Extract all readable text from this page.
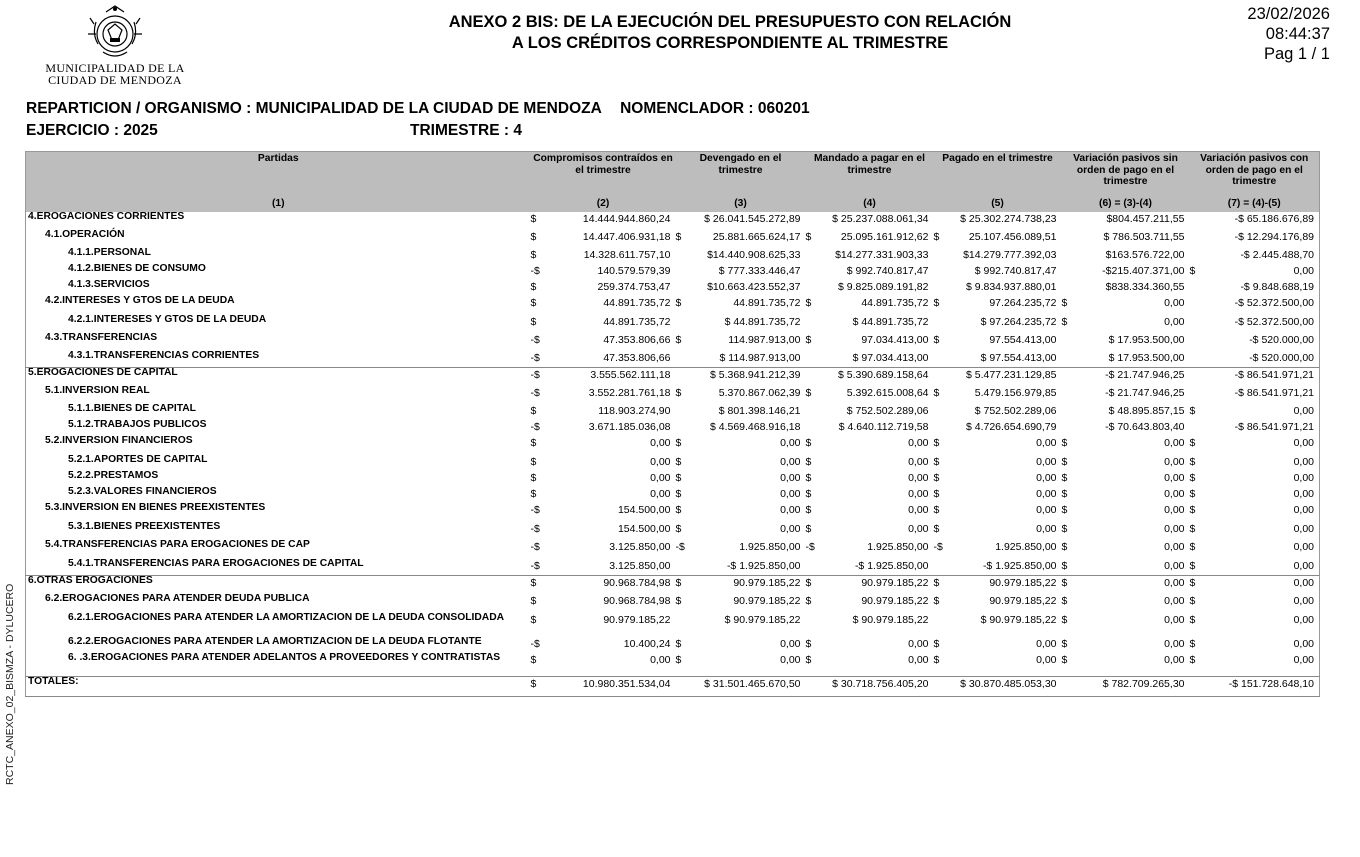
MUNICIPALIDAD DE LA CIUDAD DE MENDOZA
ANEXO 2 BIS: DE LA EJECUCIÓN DEL PRESUPUESTO CON RELACIÓN
A LOS CRÉDITOS CORRESPONDIENTE AL TRIMESTRE
23/02/2026
08:44:37
Pag 1 / 1
REPARTICION / ORGANISMO : MUNICIPALIDAD DE LA CIUDAD DE MENDOZA NOMENCLADOR : 060201
EJERCICIO : 2025	TRIMESTRE : 4
RCTC_ANEXO_02_BISMZA - DYLUCERO
Partidas	Compromisos contraídos en el trimestre	Devengado en el trimestre	Mandado a pagar en el trimestre	Pagado en el trimestre	Variación pasivos sin orden de pago en el trimestre	Variación pasivos con orden de pago en el trimestre
(1)	(2)	(3)	(4)	(5)	(6) = (3)-(4)	(7) = (4)-(5)
4.EROGACIONES CORRIENTES	$ 14.444.944.860,24	$ 26.041.545.272,89	$ 25.237.088.061,34	$ 25.302.274.738,23	$804.457.211,55	-$ 65.186.676,89

4.1.OPERACIÓN	$ 14.447.406.931,18	$ 25.881.665.624,17	$ 25.095.161.912,62	$ 25.107.456.089,51	$ 786.503.711,55	-$ 12.294.176,89

4.1.1.PERSONAL	$ 14.328.611.757,10	$14.440.908.625,33	$14.277.331.903,33	$14.279.777.392,03	$163.576.722,00	-$ 2.445.488,70

4.1.2.BIENES DE CONSUMO	-$ 140.579.579,39	$ 777.333.446,47	$ 992.740.817,47	$ 992.740.817,47	-$215.407.371,00	$ 0,00

4.1.3.SERVICIOS	$ 259.374.753,47	$10.663.423.552,37	$ 9.825.089.191,82	$ 9.834.937.880,01	$838.334.360,55	-$ 9.848.688,19

4.2.INTERESES Y GTOS DE LA DEUDA	$ 44.891.735,72	$ 44.891.735,72	$ 44.891.735,72	$ 97.264.235,72	$ 0,00	-$ 52.372.500,00

4.2.1.INTERESES Y GTOS DE LA DEUDA	$ 44.891.735,72	$ 44.891.735,72	$ 44.891.735,72	$ 97.264.235,72	$ 0,00	-$ 52.372.500,00

4.3.TRANSFERENCIAS	-$ 47.353.806,66	$ 114.987.913,00	$ 97.034.413,00	$ 97.554.413,00	$ 17.953.500,00	-$ 520.000,00

4.3.1.TRANSFERENCIAS CORRIENTES	-$ 47.353.806,66	$ 114.987.913,00	$ 97.034.413,00	$ 97.554.413,00	$ 17.953.500,00	-$ 520.000,00

5.EROGACIONES DE CAPITAL	-$ 3.555.562.111,18	$ 5.368.941.212,39	$ 5.390.689.158,64	$ 5.477.231.129,85	-$ 21.747.946,25	-$ 86.541.971,21

5.1.INVERSION REAL	-$ 3.552.281.761,18	$ 5.370.867.062,39	$ 5.392.615.008,64	$ 5.479.156.979,85	-$ 21.747.946,25	-$ 86.541.971,21

5.1.1.BIENES DE CAPITAL	$ 118.903.274,90	$ 801.398.146,21	$ 752.502.289,06	$ 752.502.289,06	$ 48.895.857,15	$ 0,00

5.1.2.TRABAJOS PUBLICOS	-$ 3.671.185.036,08	$ 4.569.468.916,18	$ 4.640.112.719,58	$ 4.726.654.690,79	-$ 70.643.803,40	-$ 86.541.971,21

5.2.INVERSION FINANCIEROS	$ 0,00	$ 0,00	$ 0,00	$ 0,00	$ 0,00	$ 0,00

5.2.1.APORTES DE CAPITAL	$ 0,00	$ 0,00	$ 0,00	$ 0,00	$ 0,00	$ 0,00

5.2.2.PRESTAMOS	$ 0,00	$ 0,00	$ 0,00	$ 0,00	$ 0,00	$ 0,00

5.2.3.VALORES FINANCIEROS	$ 0,00	$ 0,00	$ 0,00	$ 0,00	$ 0,00	$ 0,00

5.3.INVERSION EN BIENES PREEXISTENTES	-$ 154.500,00	$ 0,00	$ 0,00	$ 0,00	$ 0,00	$ 0,00

5.3.1.BIENES PREEXISTENTES	-$ 154.500,00	$ 0,00	$ 0,00	$ 0,00	$ 0,00	$ 0,00

5.4.TRANSFERENCIAS PARA EROGACIONES DE CAP	-$ 3.125.850,00	-$ 1.925.850,00	-$ 1.925.850,00	-$ 1.925.850,00	$ 0,00	$ 0,00

5.4.1.TRANSFERENCIAS PARA EROGACIONES DE CAPITAL	-$ 3.125.850,00	-$ 1.925.850,00	-$ 1.925.850,00	-$ 1.925.850,00	$ 0,00	$ 0,00

6.OTRAS EROGACIONES	$ 90.968.784,98	$ 90.979.185,22	$ 90.979.185,22	$ 90.979.185,22	$ 0,00	$ 0,00

6.2.EROGACIONES PARA ATENDER DEUDA PUBLICA	$ 90.968.784,98	$ 90.979.185,22	$ 90.979.185,22	$ 90.979.185,22	$ 0,00	$ 0,00

6.2.1.EROGACIONES PARA ATENDER LA AMORTIZACION DE LA DEUDA CONSOLIDADA	$ 90.979.185,22	$ 90.979.185,22	$ 90.979.185,22	$ 90.979.185,22	$ 0,00	$ 0,00

6.2.2.EROGACIONES PARA ATENDER LA AMORTIZACION DE LA DEUDA FLOTANTE	-$ 10.400,24	$ 0,00	$ 0,00	$ 0,00	$ 0,00	$ 0,00

6. .3.EROGACIONES PARA ATENDER ADELANTOS A PROVEEDORES Y CONTRATISTAS	$ 0,00	$ 0,00	$ 0,00	$ 0,00	$ 0,00	$ 0,00

TOTALES:	$ 10.980.351.534,04	$ 31.501.465.670,50	$ 30.718.756.405,20	$ 30.870.485.053,30	$ 782.709.265,30	-$ 151.728.648,10
